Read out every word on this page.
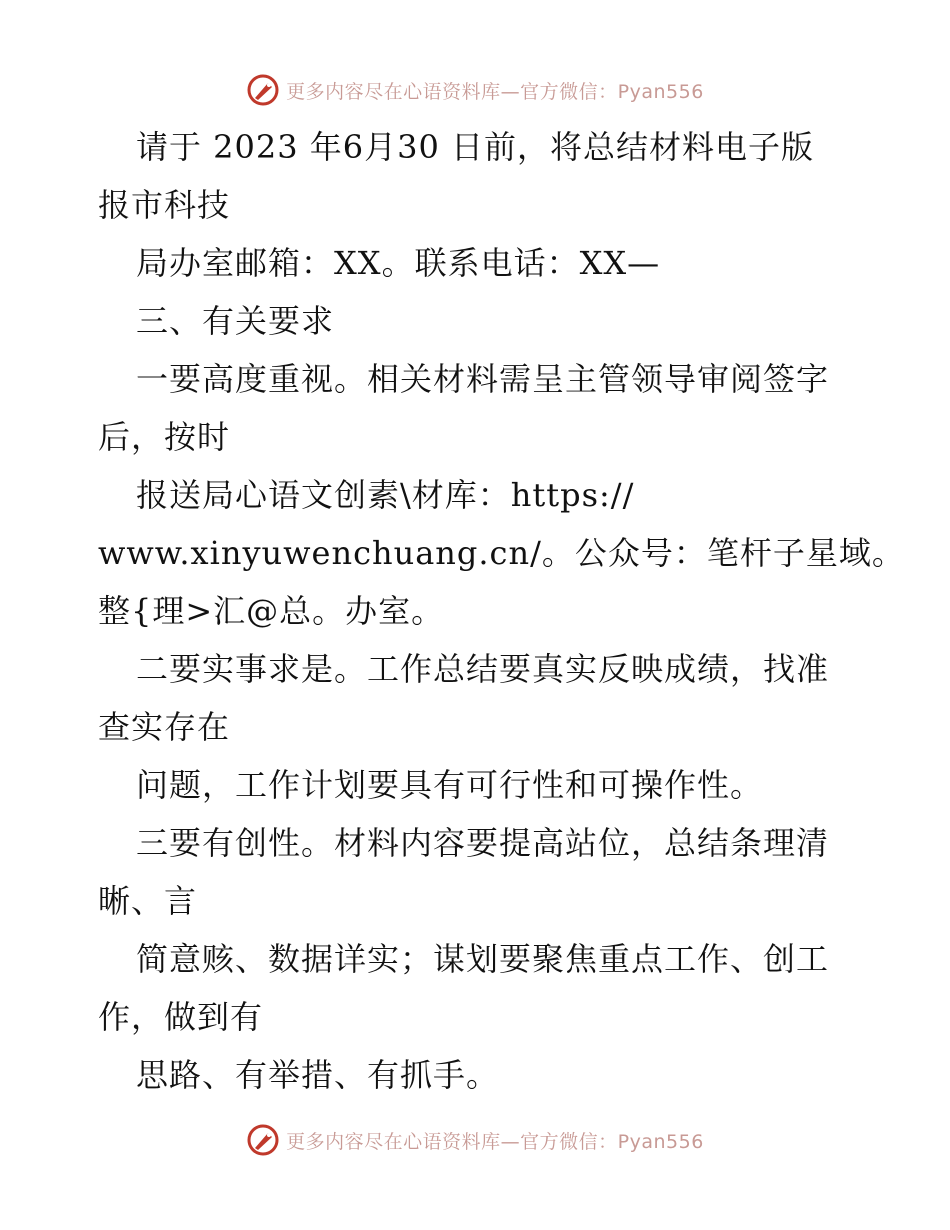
更多内容尽在心语资料库—官方微信：Pyan556
请于 2023 年6月30 日前，将总结材料电子版
报市科技
局办室邮箱：XX。联系电话：XX—
三、有关要求
一要高度重视。相关材料需呈主管领导审阅签字
后，按时
报送局心语文创素\材库：https://
www.xinyuwenchuang.cn/。公众号：笔杆子星域。
整{理>汇@总。办室。
二要实事求是。工作总结要真实反映成绩，找准
查实存在
问题，工作计划要具有可行性和可操作性。
三要有创性。材料内容要提高站位，总结条理清
晰、言
简意赅、数据详实；谋划要聚焦重点工作、创工
作，做到有
思路、有举措、有抓手。
更多内容尽在心语资料库—官方微信：Pyan556
